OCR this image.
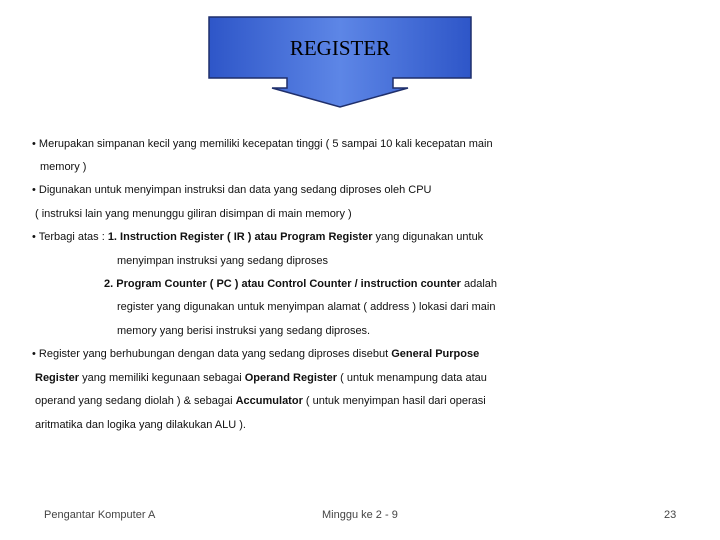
REGISTER
• Merupakan simpanan kecil yang memiliki kecepatan tinggi ( 5 sampai 10 kali kecepatan main
memory )
• Digunakan untuk menyimpan instruksi dan data yang sedang diproses oleh CPU
( instruksi lain yang menunggu giliran disimpan di main memory )
• Terbagi atas : 1. Instruction Register ( IR ) atau Program Register yang digunakan untuk
menyimpan instruksi yang sedang diproses
2. Program Counter ( PC ) atau Control Counter / instruction counter adalah
register yang digunakan untuk menyimpan alamat ( address ) lokasi dari main
memory yang berisi instruksi yang sedang diproses.
• Register yang berhubungan dengan data yang sedang diproses disebut General Purpose
Register yang memiliki kegunaan sebagai Operand Register ( untuk menampung data atau
operand yang sedang diolah ) & sebagai Accumulator ( untuk menyimpan hasil dari operasi
aritmatika dan logika yang dilakukan ALU ).
Pengantar Komputer A	Minggu ke 2 - 9	23
